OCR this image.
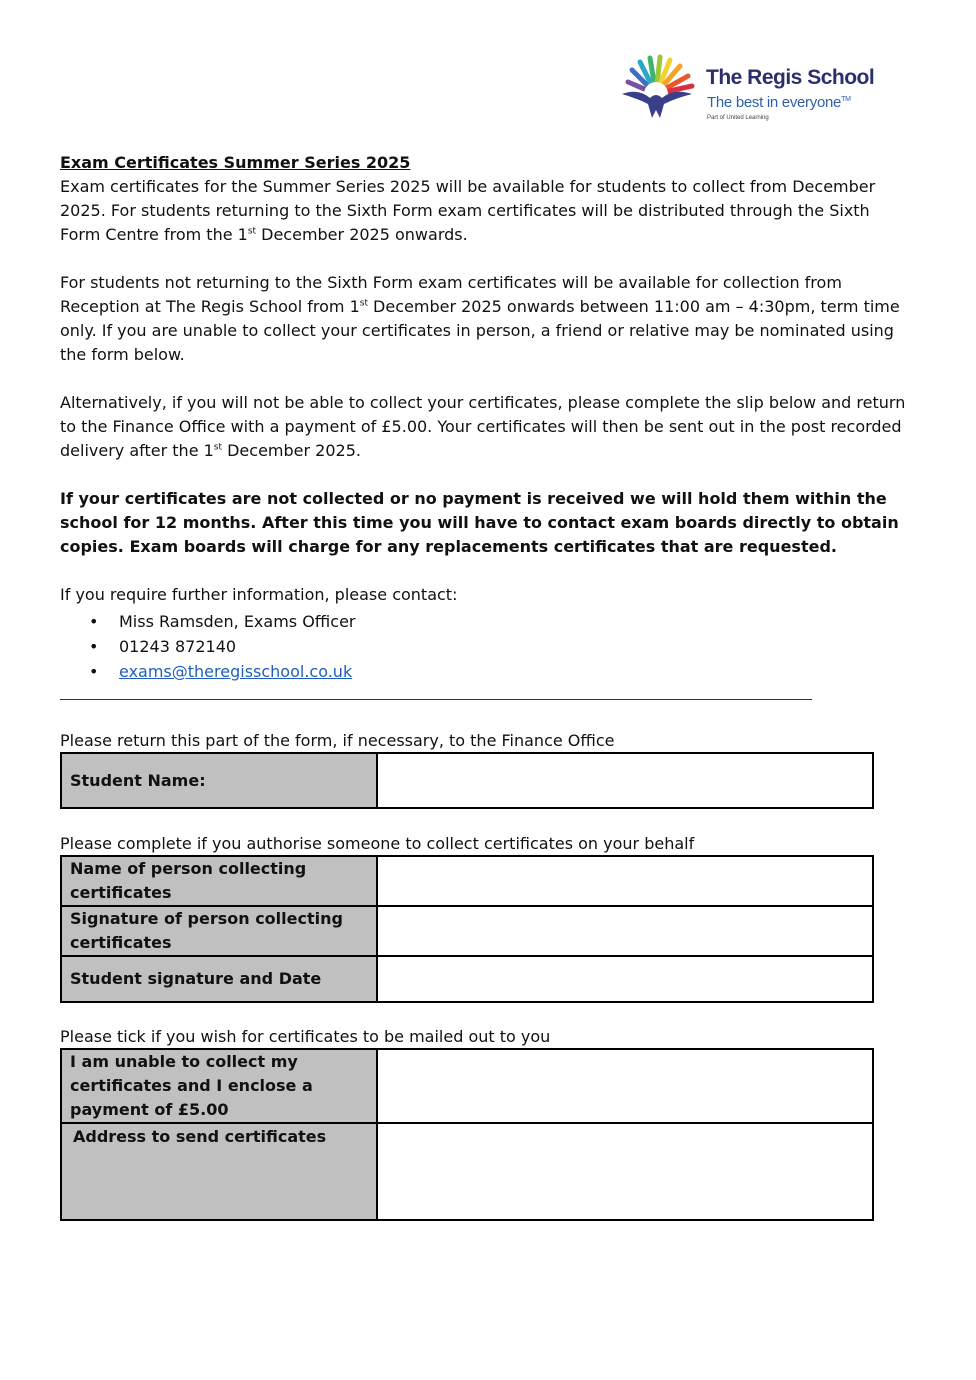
The Regis School
The best in everyone™
Part of United Learning

Exam Certificates Summer Series 2025

Exam certificates for the Summer Series 2025 will be available for students to collect from December 2025. For students returning to the Sixth Form exam certificates will be distributed through the Sixth Form Centre from the 1st December 2025 onwards.

For students not returning to the Sixth Form exam certificates will be available for collection from Reception at The Regis School from 1st December 2025 onwards between 11:00 am – 4:30pm, term time only. If you are unable to collect your certificates in person, a friend or relative may be nominated using the form below.

Alternatively, if you will not be able to collect your certificates, please complete the slip below and return to the Finance Office with a payment of £5.00. Your certificates will then be sent out in the post recorded delivery after the 1st December 2025.

If your certificates are not collected or no payment is received we will hold them within the school for 12 months. After this time you will have to contact exam boards directly to obtain copies. Exam boards will charge for any replacements certificates that are requested.

If you require further information, please contact:

• Miss Ramsden, Exams Officer
• 01243 872140
• exams@theregisschool.co.uk
Please return this part of the form, if necessary, to the Finance Office
Student Name:	
Please complete if you authorise someone to collect certificates on your behalf
Name of person collecting certificates	
Signature of person collecting certificates	
Student signature and Date	
Please tick if you wish for certificates to be mailed out to you
I am unable to collect my certificates and I enclose a payment of £5.00	
Address to send certificates	
